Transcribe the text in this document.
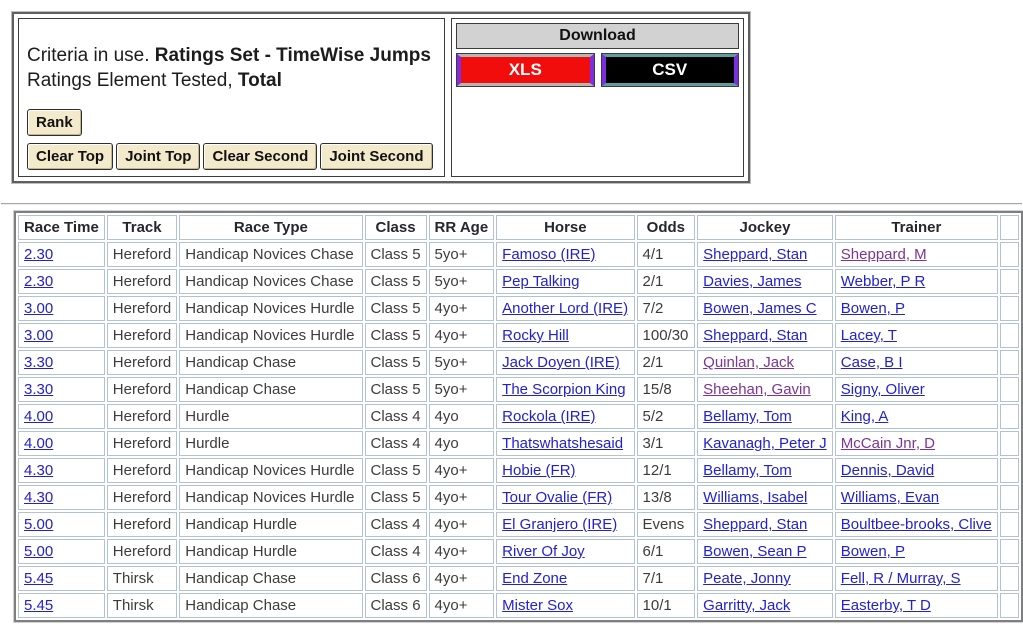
Criteria in use. Ratings Set - TimeWise Jumps
Ratings Element Tested, Total
Rank
Clear Top	Joint Top	Clear Second	Joint Second
Download
XLS	CSV
Race Time	Track	Race Type	Class	RR Age	Horse	Odds	Jockey	Trainer	
2.30	Hereford	Handicap Novices Chase	Class 5	5yo+	Famoso (IRE)	4/1	Sheppard, Stan	Sheppard, M	
2.30	Hereford	Handicap Novices Chase	Class 5	5yo+	Pep Talking	2/1	Davies, James	Webber, P R	
3.00	Hereford	Handicap Novices Hurdle	Class 5	4yo+	Another Lord (IRE)	7/2	Bowen, James C	Bowen, P	
3.00	Hereford	Handicap Novices Hurdle	Class 5	4yo+	Rocky Hill	100/30	Sheppard, Stan	Lacey, T	
3.30	Hereford	Handicap Chase	Class 5	5yo+	Jack Doyen (IRE)	2/1	Quinlan, Jack	Case, B I	
3.30	Hereford	Handicap Chase	Class 5	5yo+	The Scorpion King	15/8	Sheehan, Gavin	Signy, Oliver	
4.00	Hereford	Hurdle	Class 4	4yo	Rockola (IRE)	5/2	Bellamy, Tom	King, A	
4.00	Hereford	Hurdle	Class 4	4yo	Thatswhatshesaid	3/1	Kavanagh, Peter J	McCain Jnr, D	
4.30	Hereford	Handicap Novices Hurdle	Class 5	4yo+	Hobie (FR)	12/1	Bellamy, Tom	Dennis, David	
4.30	Hereford	Handicap Novices Hurdle	Class 5	4yo+	Tour Ovalie (FR)	13/8	Williams, Isabel	Williams, Evan	
5.00	Hereford	Handicap Hurdle	Class 4	4yo+	El Granjero (IRE)	Evens	Sheppard, Stan	Boultbee-brooks, Clive	
5.00	Hereford	Handicap Hurdle	Class 4	4yo+	River Of Joy	6/1	Bowen, Sean P	Bowen, P	
5.45	Thirsk	Handicap Chase	Class 6	4yo+	End Zone	7/1	Peate, Jonny	Fell, R / Murray, S	
5.45	Thirsk	Handicap Chase	Class 6	4yo+	Mister Sox	10/1	Garritty, Jack	Easterby, T D	
